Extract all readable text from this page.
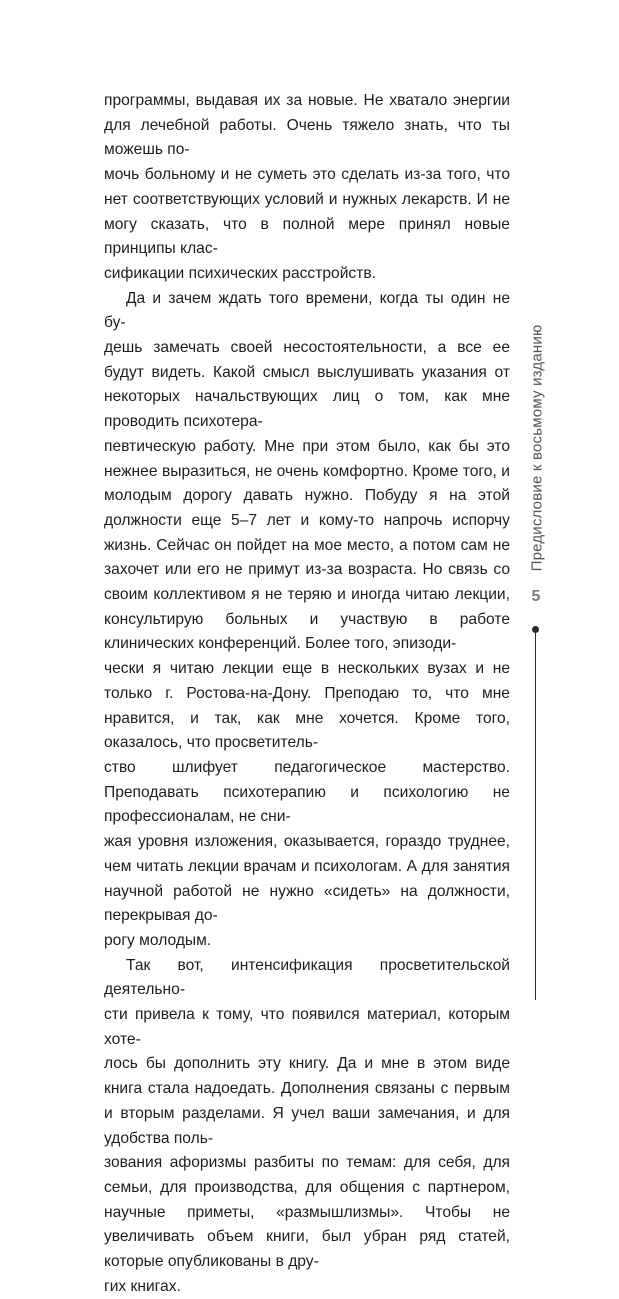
программы, выдавая их за новые. Не хватало энергии для лечебной работы. Очень тяжело знать, что ты можешь по-
мочь больному и не суметь это сделать из-за того, что нет соответствующих условий и нужных лекарств. И не могу сказать, что в полной мере принял новые принципы клас-
сификации психических расстройств.

Да и зачем ждать того времени, когда ты один не бу-
дешь замечать своей несостоятельности, а все ее будут видеть. Какой смысл выслушивать указания от некоторых начальствующих лиц о том, как мне проводить психотера-
певтическую работу. Мне при этом было, как бы это нежнее выразиться, не очень комфортно. Кроме того, и молодым дорогу давать нужно. Побуду я на этой должности еще 5–7 лет и кому-то напрочь испорчу жизнь. Сейчас он пойдет на мое место, а потом сам не захочет или его не примут из-за возраста. Но связь со своим коллективом я не теряю и иногда читаю лекции, консультирую больных и участвую в работе клинических конференций. Более того, эпизоди-
чески я читаю лекции еще в нескольких вузах и не только г. Ростова-на-Дону. Преподаю то, что мне нравится, и так, как мне хочется. Кроме того, оказалось, что просветитель-
ство шлифует педагогическое мастерство. Преподавать психотерапию и психологию не профессионалам, не сни-
жая уровня изложения, оказывается, гораздо труднее, чем читать лекции врачам и психологам. А для занятия научной работой не нужно «сидеть» на должности, перекрывая до-
рогу молодым.

Так вот, интенсификация просветительской деятельно-
сти привела к тому, что появился материал, которым хоте-
лось бы дополнить эту книгу. Да и мне в этом виде книга стала надоедать. Дополнения связаны с первым и вторым разделами. Я учел ваши замечания, и для удобства поль-
зования афоризмы разбиты по темам: для себя, для семьи, для производства, для общения с партнером, научные приметы, «размышлизмы». Чтобы не увеличивать объем книги, был убран ряд статей, которые опубликованы в дру-
гих книгах.

Предисловие к восьмому изданию
5
